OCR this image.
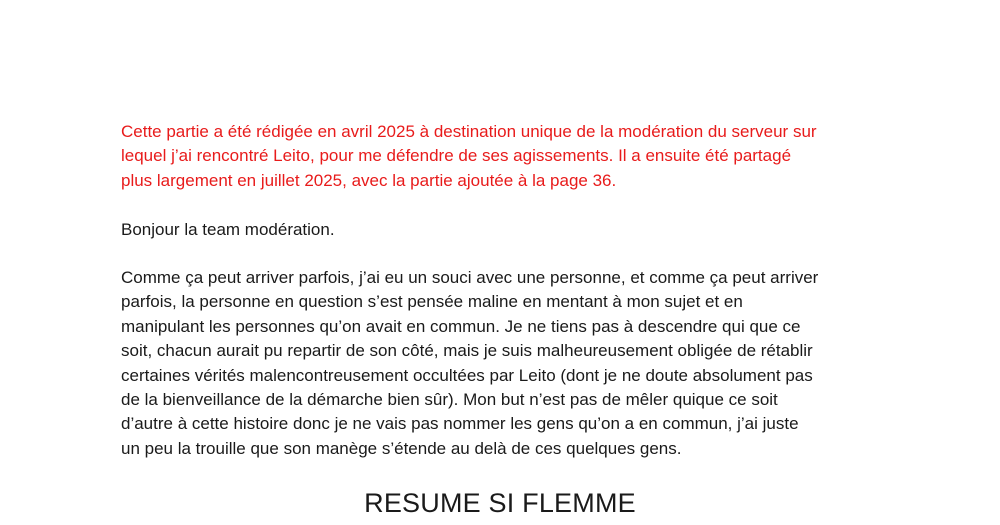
Cette partie a été rédigée en avril 2025 à destination unique de la modération du serveur sur
lequel j’ai rencontré Leito, pour me défendre de ses agissements. Il a ensuite été partagé
plus largement en juillet 2025, avec la partie ajoutée à la page 36.
Bonjour la team modération.
Comme ça peut arriver parfois, j’ai eu un souci avec une personne, et comme ça peut arriver
parfois, la personne en question s’est pensée maline en mentant à mon sujet et en
manipulant les personnes qu’on avait en commun. Je ne tiens pas à descendre qui que ce
soit, chacun aurait pu repartir de son côté, mais je suis malheureusement obligée de rétablir
certaines vérités malencontreusement occultées par Leito (dont je ne doute absolument pas
de la bienveillance de la démarche bien sûr). Mon but n’est pas de mêler quique ce soit
d’autre à cette histoire donc je ne vais pas nommer les gens qu’on a en commun, j’ai juste
un peu la trouille que son manège s’étende au delà de ces quelques gens.
RESUME SI FLEMME
